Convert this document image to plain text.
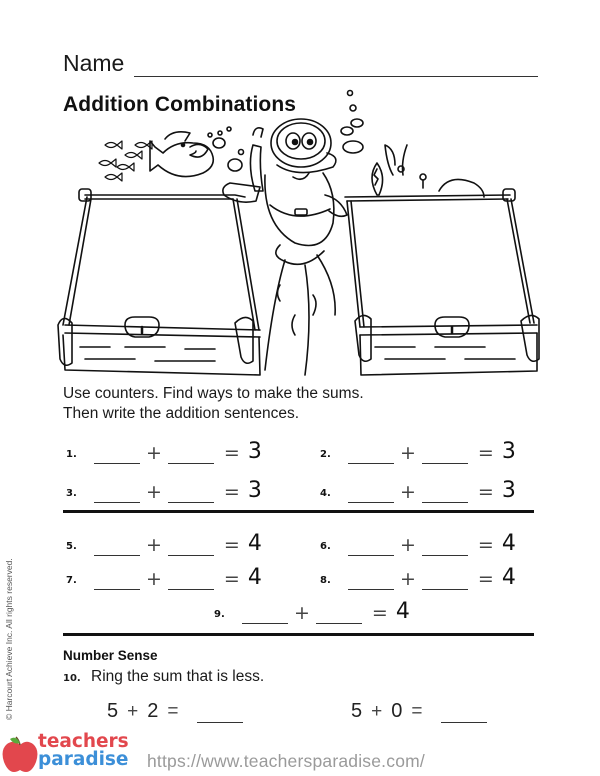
Name
Addition Combinations
Use counters. Find ways to make the sums.
Then write the addition sentences.
1.	+	= 3	2.	+	= 3
3.	+	= 3	4.	+	= 3
5.	+	= 4	6.	+	= 4
7.	+	= 4	8.	+	= 4
9.	+	= 4
Number Sense
10. Ring the sum that is less.
5 + 2 =	5 + 0 =
© Harcourt Achieve Inc. All rights reserved.
teachers
paradise https://www.teachersparadise.com/
